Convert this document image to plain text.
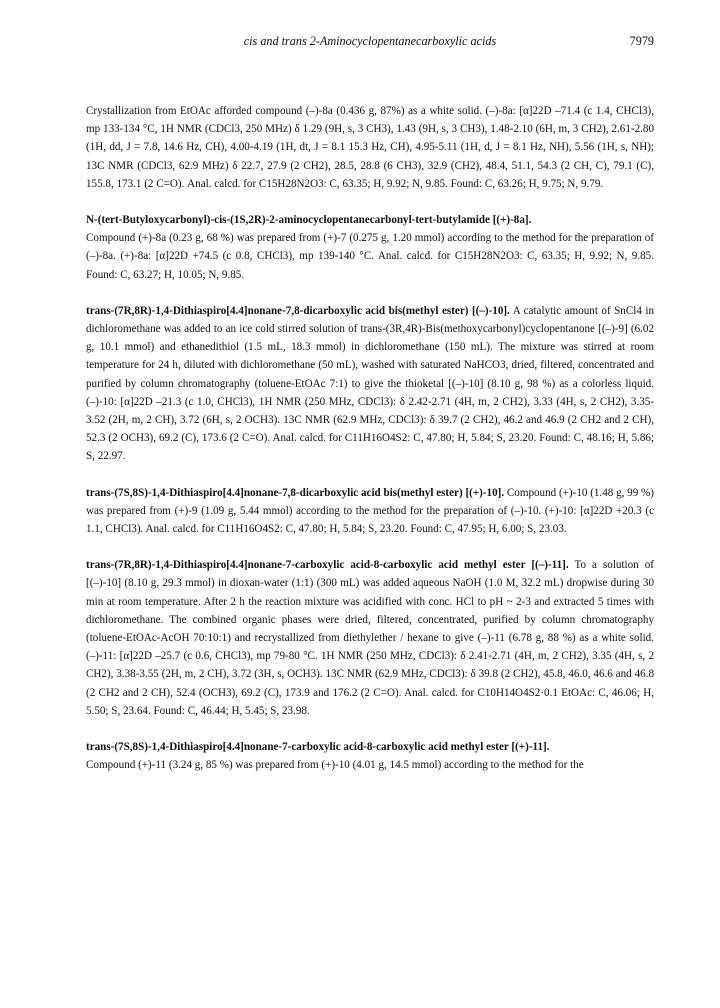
cis and trans 2-Aminocyclopentanecarboxylic acids	7979

Crystallization from EtOAc afforded compound (–)-8a (0.436 g, 87%) as a white solid. (–)-8a: [α]22D –71.4 (c 1.4, CHCl3), mp 133-134 °C, 1H NMR (CDCl3, 250 MHz) δ 1.29 (9H, s, 3 CH3), 1.43 (9H, s, 3 CH3), 1.48-2.10 (6H, m, 3 CH2), 2.61-2.80 (1H, dd, J = 7.8, 14.6 Hz, CH), 4.00-4.19 (1H, dt, J = 8.1 15.3 Hz, CH), 4.95-5.11 (1H, d, J = 8.1 Hz, NH), 5.56 (1H, s, NH); 13C NMR (CDCl3, 62.9 MHz) δ 22.7, 27.9 (2 CH2), 28.5, 28.8 (6 CH3), 32.9 (CH2), 48.4, 51.1, 54.3 (2 CH, C), 79.1 (C), 155.8, 173.1 (2 C=O). Anal. calcd. for C15H28N2O3: C, 63.35; H, 9.92; N, 9.85. Found: C, 63.26; H, 9.75; N, 9.79.

N-(tert-Butyloxycarbonyl)-cis-(1S,2R)-2-aminocyclopentanecarbonyl-tert-butylamide [(+)-8a].
Compound (+)-8a (0.23 g, 68 %) was prepared from (+)-7 (0.275 g, 1.20 mmol) according to the method for the preparation of (–)-8a. (+)-8a: [α]22D +74.5 (c 0.8, CHCl3), mp 139-140 °C. Anal. calcd. for C15H28N2O3: C, 63.35; H, 9.92; N, 9.85. Found: C, 63.27; H, 10.05; N, 9.85.

trans-(7R,8R)-1,4-Dithiaspiro[4.4]nonane-7,8-dicarboxylic acid bis(methyl ester) [(–)-10]. A catalytic amount of SnCl4 in dichloromethane was added to an ice cold stirred solution of trans-(3R,4R)-Bis(methoxycarbonyl)cyclopentanone [(–)-9] (6.02 g, 10.1 mmol) and ethanedithiol (1.5 mL, 18.3 mmol) in dichloromethane (150 mL). The mixture was stirred at room temperature for 24 h, diluted with dichloromethane (50 mL), washed with saturated NaHCO3, dried, filtered, concentrated and purified by column chromatography (toluene-EtOAc 7:1) to give the thioketal [(–)-10] (8.10 g, 98 %) as a colorless liquid. (–)-10: [α]22D –21.3 (c 1.0, CHCl3), 1H NMR (250 MHz, CDCl3): δ 2.42-2.71 (4H, m, 2 CH2), 3.33 (4H, s, 2 CH2), 3.35-3.52 (2H, m, 2 CH), 3.72 (6H, s, 2 OCH3). 13C NMR (62.9 MHz, CDCl3): δ 39.7 (2 CH2), 46.2 and 46.9 (2 CH2 and 2 CH), 52.3 (2 OCH3), 69.2 (C), 173.6 (2 C=O). Anal. calcd. for C11H16O4S2: C, 47.80; H, 5.84; S, 23.20. Found: C, 48.16; H, 5.86; S, 22.97.

trans-(7S,8S)-1,4-Dithiaspiro[4.4]nonane-7,8-dicarboxylic acid bis(methyl ester) [(+)-10]. Compound (+)-10 (1.48 g, 99 %) was prepared from (+)-9 (1.09 g, 5.44 mmol) according to the method for the preparation of (–)-10. (+)-10: [α]22D +20.3 (c 1.1, CHCl3). Anal. calcd. for C11H16O4S2: C, 47.80; H, 5.84; S, 23.20. Found: C, 47.95; H, 6.00; S, 23.03.

trans-(7R,8R)-1,4-Dithiaspiro[4.4]nonane-7-carboxylic acid-8-carboxylic acid methyl ester [(–)-11]. To a solution of [(–)-10] (8.10 g, 29.3 mmol) in dioxan-water (1:1) (300 mL) was added aqueous NaOH (1.0 M, 32.2 mL) dropwise during 30 min at room temperature. After 2 h the reaction mixture was acidified with conc. HCl to pH ~ 2-3 and extracted 5 times with dichloromethane. The combined organic phases were dried, filtered, concentrated, purified by column chromatography (toluene-EtOAc-AcOH 70:10:1) and recrystallized from diethylether / hexane to give (–)-11 (6.78 g, 88 %) as a white solid. (–)-11: [α]22D –25.7 (c 0.6, CHCl3), mp 79-80 °C. 1H NMR (250 MHz, CDCl3): δ 2.41-2.71 (4H, m, 2 CH2), 3.35 (4H, s, 2 CH2), 3.38-3.55 (2H, m, 2 CH), 3.72 (3H, s, OCH3). 13C NMR (62.9 MHz, CDCl3): δ 39.8 (2 CH2), 45.8, 46.0, 46.6 and 46.8 (2 CH2 and 2 CH), 52.4 (OCH3), 69.2 (C), 173.9 and 176.2 (2 C=O). Anal. calcd. for C10H14O4S2·0.1 EtOAc: C, 46.06; H, 5.50; S, 23.64. Found: C, 46.44; H, 5.45; S, 23.98.

trans-(7S,8S)-1,4-Dithiaspiro[4.4]nonane-7-carboxylic acid-8-carboxylic acid methyl ester [(+)-11].
Compound (+)-11 (3.24 g, 85 %) was prepared from (+)-10 (4.01 g, 14.5 mmol) according to the method for the
